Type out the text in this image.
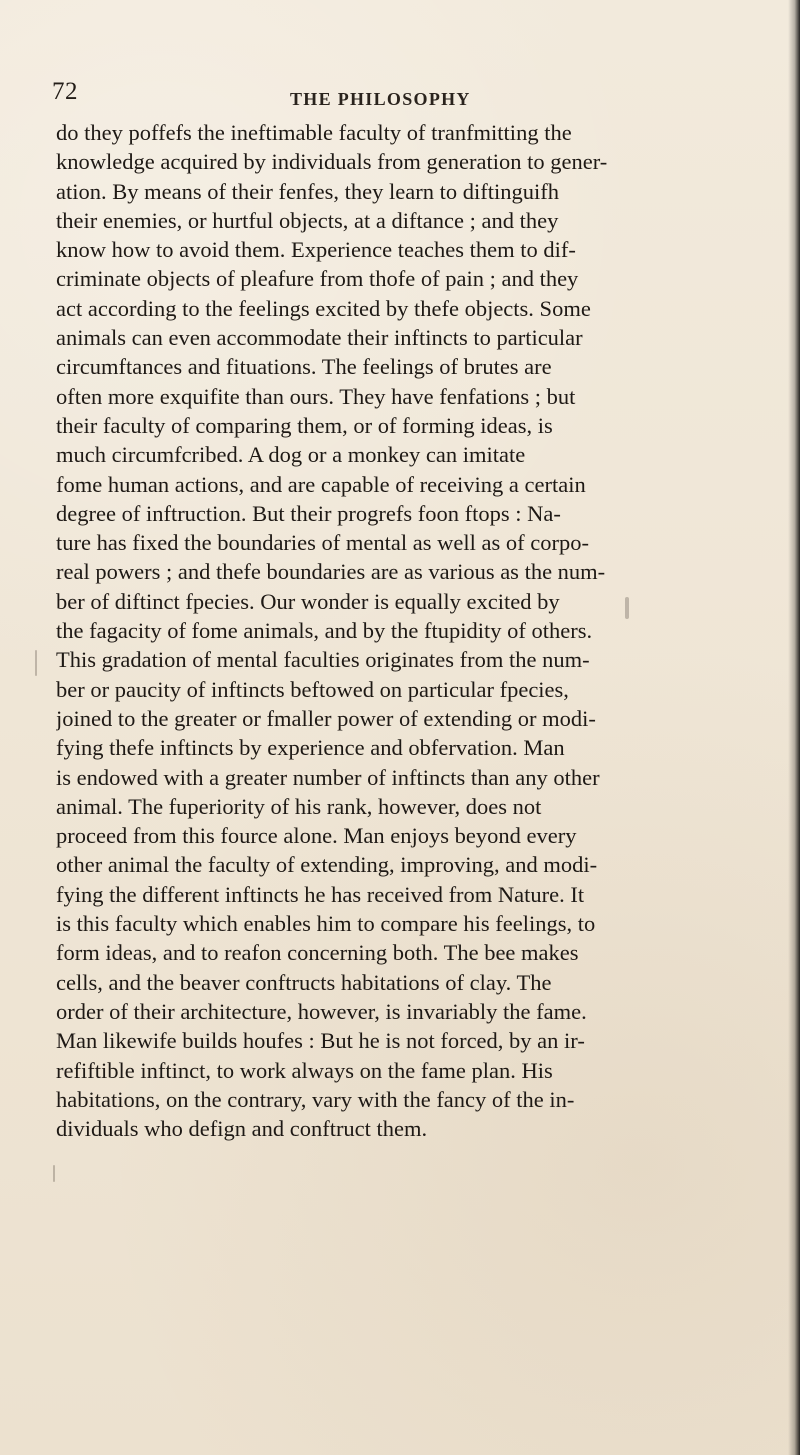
72	THE PHILOSOPHY
do they poffefs the ineftimable faculty of tranfmitting the
knowledge acquired by individuals from generation to gener-
ation. By means of their fenfes, they learn to diftinguifh
their enemies, or hurtful objects, at a diftance ; and they
know how to avoid them. Experience teaches them to dif-
criminate objects of pleafure from thofe of pain ; and they
act according to the feelings excited by thefe objects. Some
animals can even accommodate their inftincts to particular
circumftances and fituations. The feelings of brutes are
often more exquifite than ours. They have fenfations ; but
their faculty of comparing them, or of forming ideas, is
much circumfcribed. A dog or a monkey can imitate
fome human actions, and are capable of receiving a certain
degree of inftruction. But their progrefs foon ftops : Na-
ture has fixed the boundaries of mental as well as of corpo-
real powers ; and thefe boundaries are as various as the num-
ber of diftinct fpecies. Our wonder is equally excited by
the fagacity of fome animals, and by the ftupidity of others.
This gradation of mental faculties originates from the num-
ber or paucity of inftincts beftowed on particular fpecies,
joined to the greater or fmaller power of extending or modi-
fying thefe inftincts by experience and obfervation. Man
is endowed with a greater number of inftincts than any other
animal. The fuperiority of his rank, however, does not
proceed from this fource alone. Man enjoys beyond every
other animal the faculty of extending, improving, and modi-
fying the different inftincts he has received from Nature. It
is this faculty which enables him to compare his feelings, to
form ideas, and to reafon concerning both. The bee makes
cells, and the beaver conftructs habitations of clay. The
order of their architecture, however, is invariably the fame.
Man likewife builds houfes : But he is not forced, by an ir-
refiftible inftinct, to work always on the fame plan. His
habitations, on the contrary, vary with the fancy of the in-
dividuals who defign and conftruct them.
